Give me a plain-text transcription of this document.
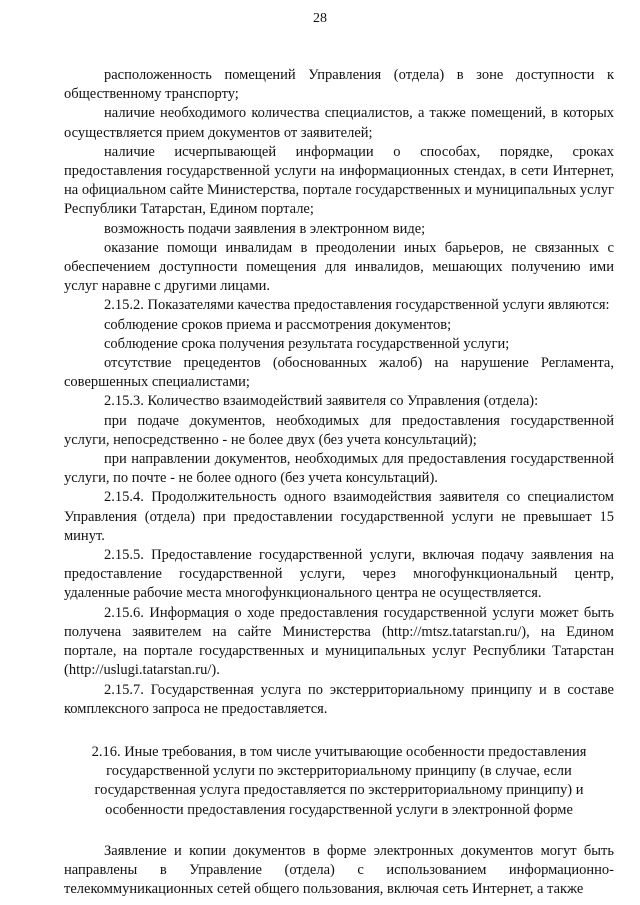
28

расположенность помещений Управления (отдела) в зоне доступности к общественному транспорту;

наличие необходимого количества специалистов, а также помещений, в которых осуществляется прием документов от заявителей;

наличие исчерпывающей информации о способах, порядке, сроках предоставления государственной услуги на информационных стендах, в сети Интернет, на официальном сайте Министерства, портале государственных и муниципальных услуг Республики Татарстан, Едином портале;

возможность подачи заявления в электронном виде;

оказание помощи инвалидам в преодолении иных барьеров, не связанных с обеспечением доступности помещения для инвалидов, мешающих получению ими услуг наравне с другими лицами.

2.15.2. Показателями качества предоставления государственной услуги являются:

соблюдение сроков приема и рассмотрения документов;

соблюдение срока получения результата государственной услуги;

отсутствие прецедентов (обоснованных жалоб) на нарушение Регламента, совершенных специалистами;

2.15.3. Количество взаимодействий заявителя со Управления (отдела):

при подаче документов, необходимых для предоставления государственной услуги, непосредственно - не более двух (без учета консультаций);

при направлении документов, необходимых для предоставления государственной услуги, по почте - не более одного (без учета консультаций).

2.15.4. Продолжительность одного взаимодействия заявителя со специалистом Управления (отдела) при предоставлении государственной услуги не превышает 15 минут.

2.15.5. Предоставление государственной услуги, включая подачу заявления на предоставление государственной услуги, через многофункциональный центр, удаленные рабочие места многофункционального центра не осуществляется.

2.15.6. Информация о ходе предоставления государственной услуги может быть получена заявителем на сайте Министерства (http://mtsz.tatarstan.ru/), на Едином портале, на портале государственных и муниципальных услуг Республики Татарстан (http://uslugi.tatarstan.ru/).

2.15.7. Государственная услуга по экстерриториальному принципу и в составе комплексного запроса не предоставляется.

2.16. Иные требования, в том числе учитывающие особенности предоставления государственной услуги по экстерриториальному принципу (в случае, если государственная услуга предоставляется по экстерриториальному принципу) и особенности предоставления государственной услуги в электронной форме

Заявление и копии документов в форме электронных документов могут быть направлены в Управление (отдела) с использованием информационно-телекоммуникационных сетей общего пользования, включая сеть Интернет, а также
